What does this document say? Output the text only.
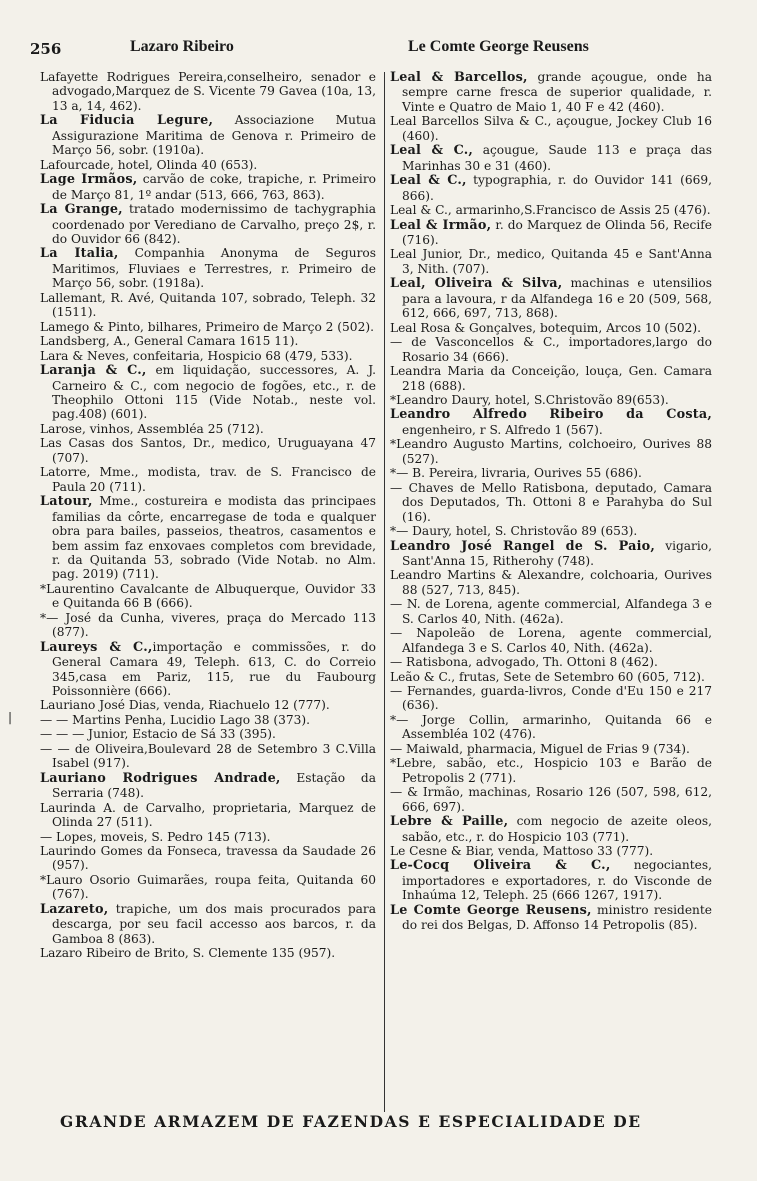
256	Lazaro Ribeiro	Le Comte George Reusens

Lafayette Rodrigues Pereira,conselheiro, senador e advogado,Marquez de S. Vicente 79 Gavea (10a, 13, 13 a, 14, 462).

La Fiducia Legure, Associazione Mutua Assigurazione Maritima de Genova r. Primeiro de Março 56, sobr. (1910a).

Lafourcade, hotel, Olinda 40 (653).

Lage Irmãos, carvão de coke, trapiche, r. Primeiro de Março 81, 1º andar (513, 666, 763, 863).

La Grange, tratado modernissimo de tachygraphia coordenado por Verediano de Carvalho, preço 2$, r. do Ouvidor 66 (842).

La Italia, Companhia Anonyma de Seguros Maritimos, Fluviaes e Terrestres, r. Primeiro de Março 56, sobr. (1918a).

Lallemant, R. Avé, Quitanda 107, sobrado, Teleph. 32 (1511).

Lamego & Pinto, bilhares, Primeiro de Março 2 (502).

Landsberg, A., General Camara 1615 11).

Lara & Neves, confeitaria, Hospicio 68 (479, 533).

Laranja & C., em liquidação, successores, A. J. Carneiro & C., com negocio de fogões, etc., r. de Theophilo Ottoni 115 (Vide Notab., neste vol. pag.408) (601).

Larose, vinhos, Assembléa 25 (712).

Las Casas dos Santos, Dr., medico, Uruguayana 47 (707).

Latorre, Mme., modista, trav. de S. Francisco de Paula 20 (711).

Latour, Mme., costureira e modista das principaes familias da côrte, encarregase de toda e qualquer obra para bailes, passeios, theatros, casamentos e bem assim faz enxovaes completos com brevidade, r. da Quitanda 53, sobrado (Vide Notab. no Alm. pag. 2019) (711).

*Laurentino Cavalcante de Albuquerque, Ouvidor 33 e Quitanda 66 B (666).

*— José da Cunha, viveres, praça do Mercado 113 (877).

Laureys & C.,importação e commissões, r. do General Camara 49, Teleph. 613, C. do Correio 345,casa em Pariz, 115, rue du Faubourg Poissonnière (666).

Lauriano José Dias, venda, Riachuelo 12 (777).

— — Martins Penha, Lucidio Lago 38 (373).

— — — Junior, Estacio de Sá 33 (395).

— — de Oliveira,Boulevard 28 de Setembro 3 C.Villa Isabel (917).

Lauriano Rodrigues Andrade, Estação da Serraria (748).

Laurinda A. de Carvalho, proprietaria, Marquez de Olinda 27 (511).

— Lopes, moveis, S. Pedro 145 (713).

Laurindo Gomes da Fonseca, travessa da Saudade 26 (957).

*Lauro Osorio Guimarães, roupa feita, Quitanda 60 (767).

Lazareto, trapiche, um dos mais procurados para descarga, por seu facil accesso aos barcos, r. da Gamboa 8 (863).

Lazaro Ribeiro de Brito, S. Clemente 135 (957).

Leal & Barcellos, grande açougue, onde ha sempre carne fresca de superior qualidade, r. Vinte e Quatro de Maio 1, 40 F e 42 (460).

Leal Barcellos Silva & C., açougue, Jockey Club 16 (460).

Leal & C., açougue, Saude 113 e praça das Marinhas 30 e 31 (460).

Leal & C., typographia, r. do Ouvidor 141 (669, 866).

Leal & C., armarinho,S.Francisco de Assis 25 (476).

Leal & Irmão, r. do Marquez de Olinda 56, Recife (716).

Leal Junior, Dr., medico, Quitanda 45 e Sant'Anna 3, Nith. (707).

Leal, Oliveira & Silva, machinas e utensilios para a lavoura, r da Alfandega 16 e 20 (509, 568, 612, 666, 697, 713, 868).

Leal Rosa & Gonçalves, botequim, Arcos 10 (502).

— de Vasconcellos & C., importadores,largo do Rosario 34 (666).

Leandra Maria da Conceição, louça, Gen. Camara 218 (688).

*Leandro Daury, hotel, S.Christovão 89(653).

Leandro Alfredo Ribeiro da Costa, engenheiro, r S. Alfredo 1 (567).

*Leandro Augusto Martins, colchoeiro, Ourives 88 (527).

*— B. Pereira, livraria, Ourives 55 (686).

— Chaves de Mello Ratisbona, deputado, Camara dos Deputados, Th. Ottoni 8 e Parahyba do Sul (16).

*— Daury, hotel, S. Christovão 89 (653).

Leandro José Rangel de S. Paio, vigario, Sant'Anna 15, Ritherohy (748).

Leandro Martins & Alexandre, colchoaria, Ourives 88 (527, 713, 845).

— N. de Lorena, agente commercial, Alfandega 3 e S. Carlos 40, Nith. (462a).

— Napoleão de Lorena, agente commercial, Alfandega 3 e S. Carlos 40, Nith. (462a).

— Ratisbona, advogado, Th. Ottoni 8 (462).

Leão & C., frutas, Sete de Setembro 60 (605, 712).

— Fernandes, guarda-livros, Conde d'Eu 150 e 217 (636).

*— Jorge Collin, armarinho, Quitanda 66 e Assembléa 102 (476).

— Maiwald, pharmacia, Miguel de Frias 9 (734).

*Lebre, sabão, etc., Hospicio 103 e Barão de Petropolis 2 (771).

— & Irmão, machinas, Rosario 126 (507, 598, 612, 666, 697).

Lebre & Paille, com negocio de azeite oleos, sabão, etc., r. do Hospicio 103 (771).

Le Cesne & Biar, venda, Mattoso 33 (777).

Le-Cocq Oliveira & C., negociantes, importadores e exportadores, r. do Visconde de Inhaúma 12, Teleph. 25 (666 1267, 1917).

Le Comte George Reusens, ministro residente do rei dos Belgas, D. Affonso 14 Petropolis (85).

|
GRANDE ARMAZEM DE FAZENDAS E ESPECIALIDADE DE
